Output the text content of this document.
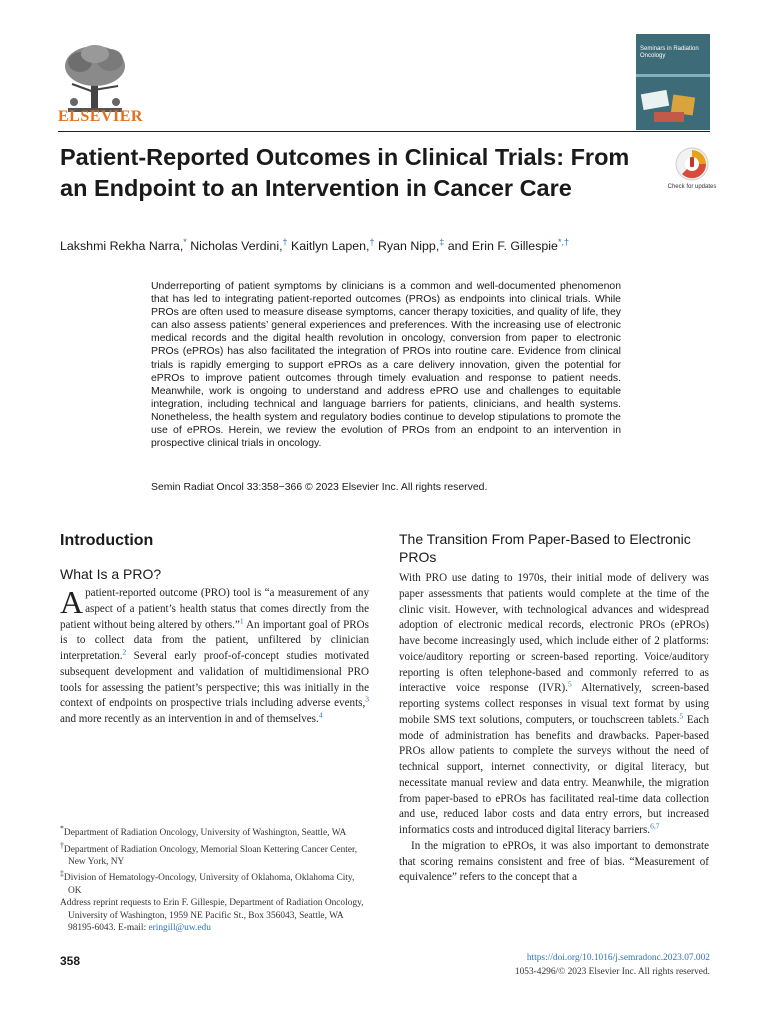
ELSEVIER
Seminars in Radiation Oncology
Patient-Reported Outcomes in Clinical Trials: From an Endpoint to an Intervention in Cancer Care	Check for updates
Lakshmi Rekha Narra,* Nicholas Verdini,† Kaitlyn Lapen,† Ryan Nipp,‡ and Erin F. Gillespie*,†
Underreporting of patient symptoms by clinicians is a common and well-documented phenomenon that has led to integrating patient-reported outcomes (PROs) as endpoints into clinical trials. While PROs are often used to measure disease symptoms, cancer therapy toxicities, and quality of life, they can also assess patients’ general experiences and preferences. With the increasing use of electronic medical records and the digital health revolution in oncology, conversion from paper to electronic PROs (ePROs) has also facilitated the integration of PROs into routine care. Evidence from clinical trials is rapidly emerging to support ePROs as a care delivery innovation, given the potential for ePROs to improve patient outcomes through timely evaluation and response to patient needs. Meanwhile, work is ongoing to understand and address ePRO use and challenges to equitable integration, including technical and language barriers for patients, clinicians, and health systems. Nonetheless, the health system and regulatory bodies continue to develop stipulations to promote the use of ePROs. Herein, we review the evolution of PROs from an endpoint to an intervention in prospective clinical trials in oncology.
Semin Radiat Oncol 33:358−366 © 2023 Elsevier Inc. All rights reserved.
Introduction
What Is a PRO?
A patient-reported outcome (PRO) tool is “a measurement of any aspect of a patient’s health status that comes directly from the patient without being altered by others.”$^1$ An important goal of PROs is to collect data from the patient, unfiltered by clinician interpretation.$^2$ Several early proof-of-concept studies motivated subsequent development and validation of multidimensional PRO tools for assessing the patient’s perspective; this was initially in the context of endpoints on prospective trials including adverse events,$^3$ and more recently as an intervention in and of themselves.$^4$

*Department of Radiation Oncology, University of Washington, Seattle, WA

†Department of Radiation Oncology, Memorial Sloan Kettering Cancer Center, New York, NY

‡Division of Hematology-Oncology, University of Oklahoma, Oklahoma City, OK

Address reprint requests to Erin F. Gillespie, Department of Radiation Oncology, University of Washington, 1959 NE Pacific St., Box 356043, Seattle, WA 98195-6043. E-mail: eringill@uw.edu

The Transition From Paper-Based to Electronic PROs
With PRO use dating to 1970s, their initial mode of delivery was paper assessments that patients would complete at the time of the clinic visit. However, with technological advances and widespread adoption of electronic medical records, electronic PROs (ePROs) have become increasingly used, which include either of 2 platforms: voice/auditory reporting or screen-based reporting. Voice/auditory reporting is often telephone-based and commonly referred to as interactive voice response (IVR).$^5$ Alternatively, screen-based reporting systems collect responses in visual text format by using mobile SMS text solutions, computers, or touchscreen tablets.$^5$ Each mode of administration has benefits and drawbacks. Paper-based PROs allow patients to complete the surveys without the need of technical support, internet connectivity, or digital literacy, but necessitate manual review and data entry. Meanwhile, the migration from paper-based to ePROs has facilitated real-time data collection and use, reduced labor costs and data entry errors, but increased informatics costs and introduced digital literacy barriers.$^{6,7}$
In the migration to ePROs, it was also important to demonstrate that scoring remains consistent and free of bias. “Measurement of equivalence” refers to the concept that a
358	https://doi.org/10.1016/j.semradonc.2023.07.002
1053-4296/© 2023 Elsevier Inc. All rights reserved.
